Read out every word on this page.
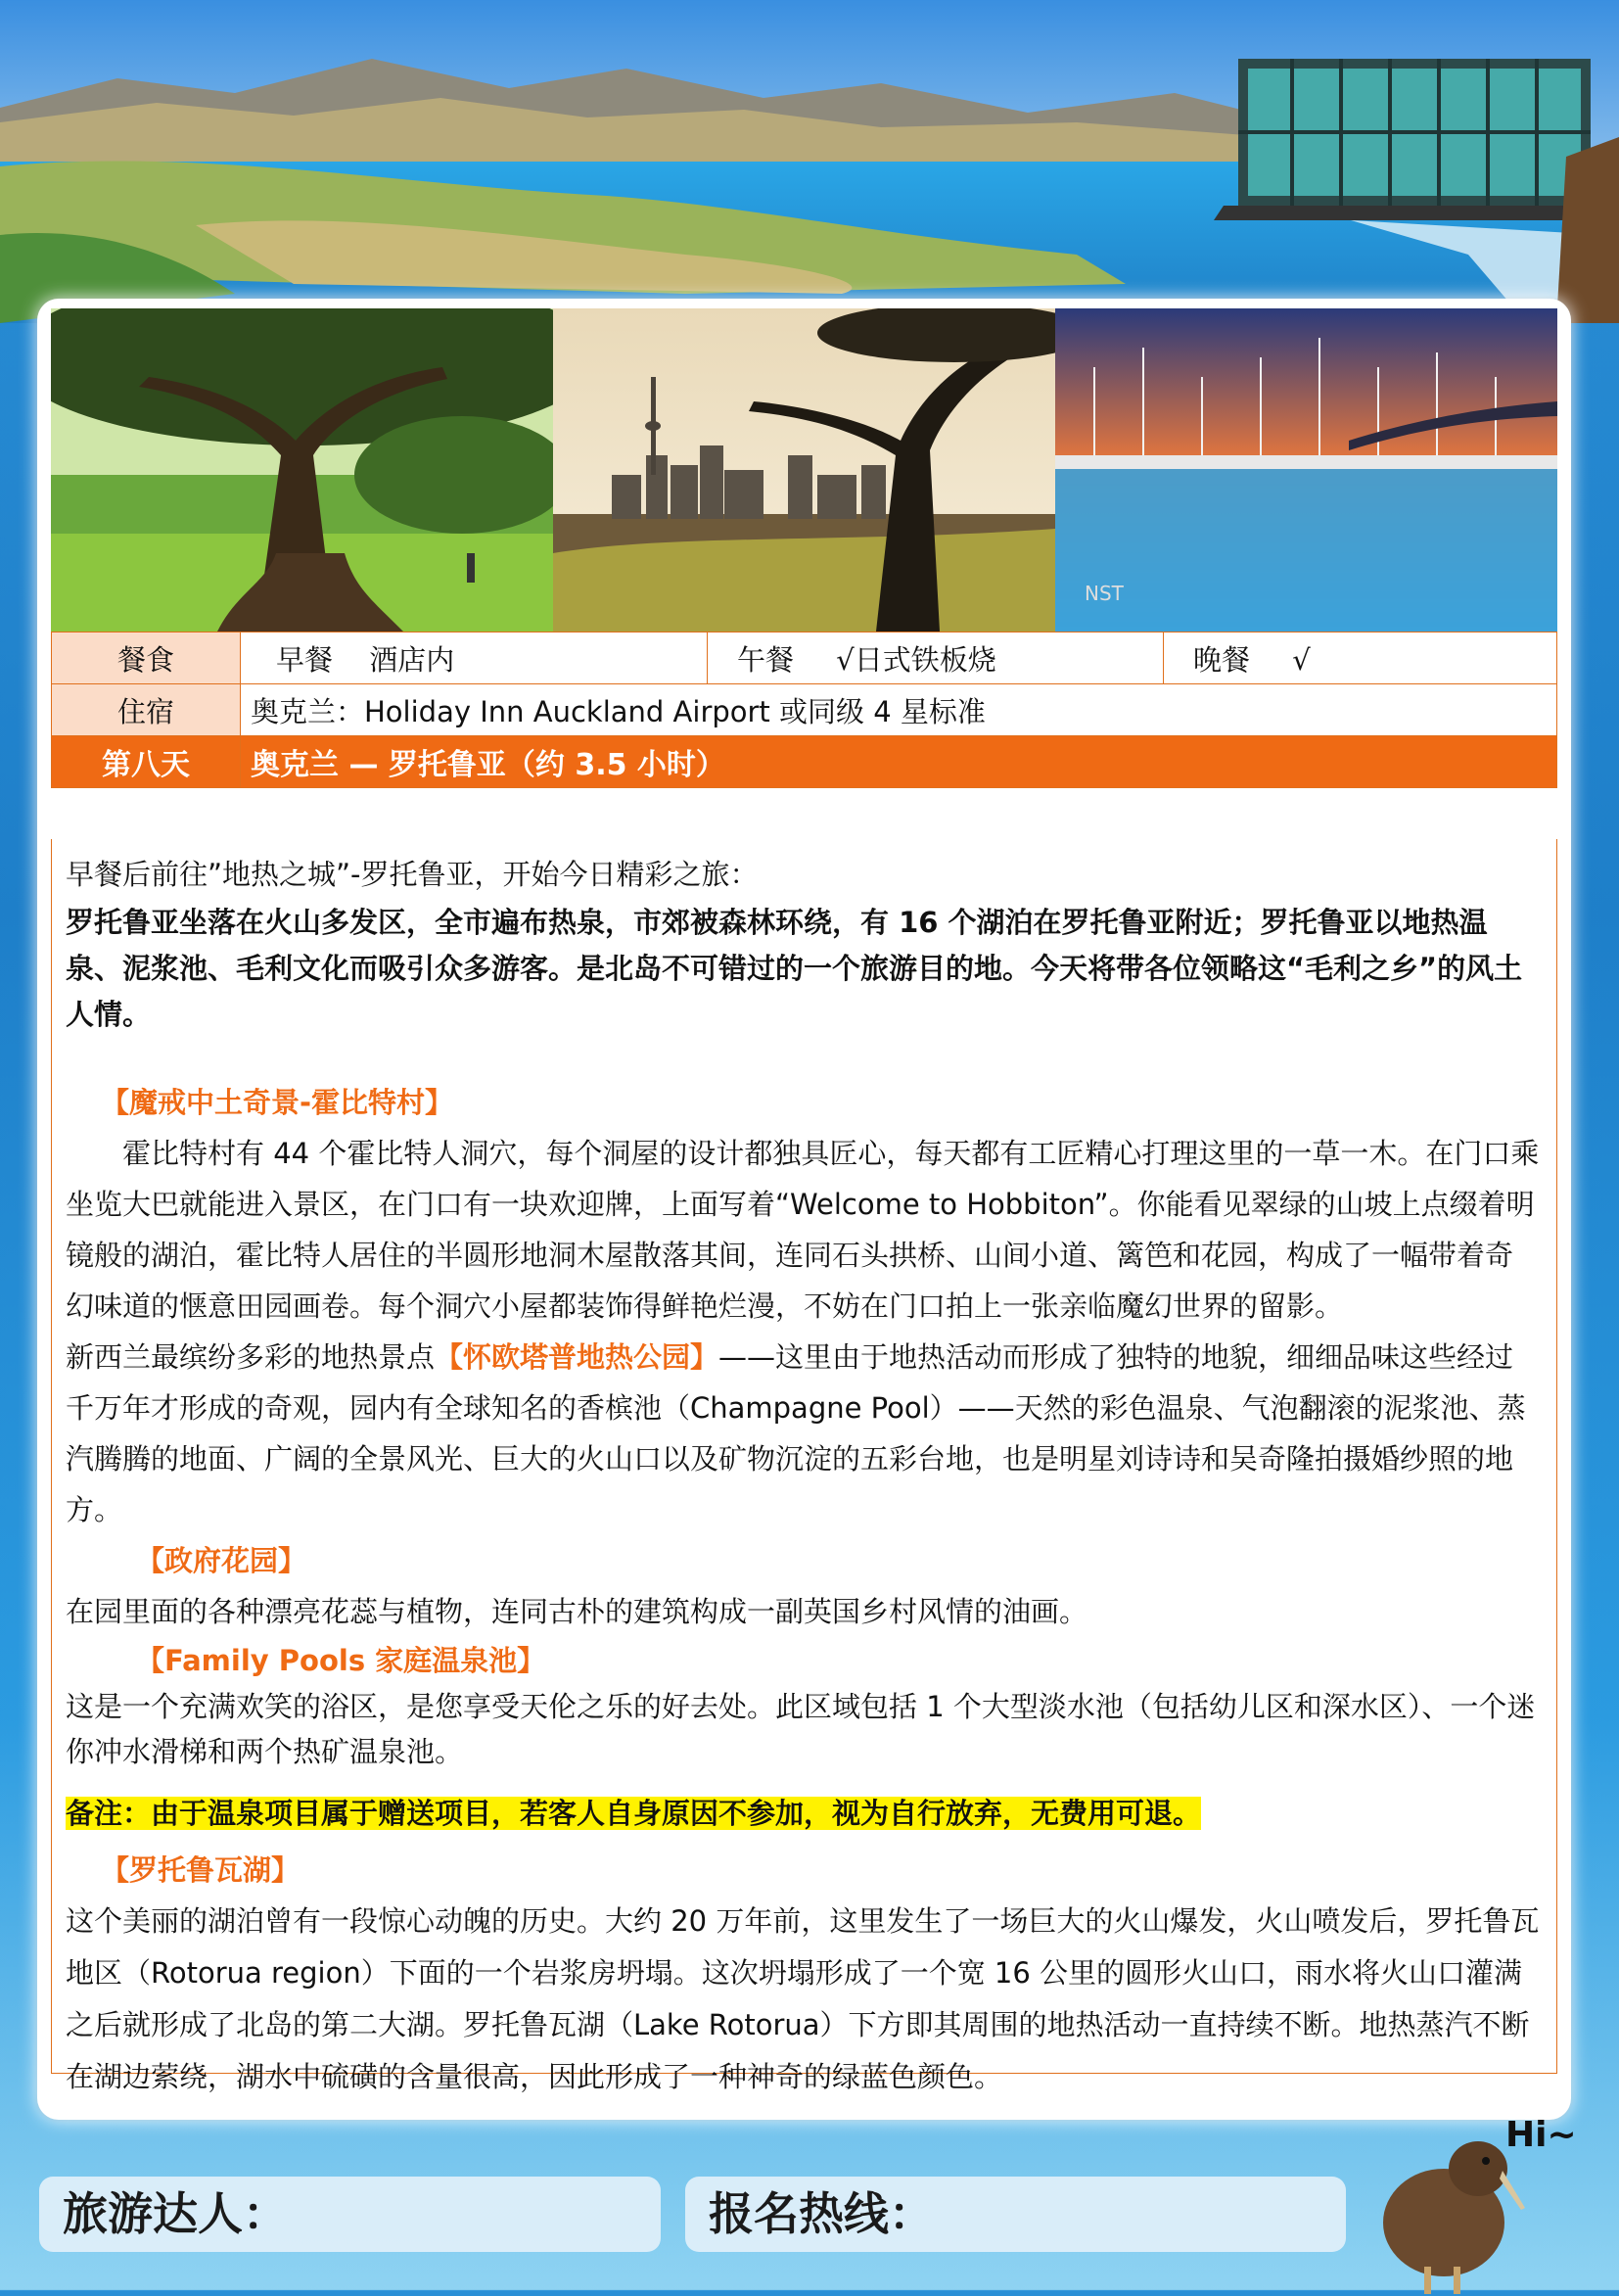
NST
餐食	早餐 酒店内	午餐 √日式铁板烧	晚餐 √
住宿	奥克兰：Holiday Inn Auckland Airport 或同级 4 星标准		
第八天	奥克兰 — 罗托鲁亚（约 3.5 小时）		

早餐后前往”地热之城”-罗托鲁亚，开始今日精彩之旅：

罗托鲁亚坐落在火山多发区，全市遍布热泉，市郊被森林环绕，有 16 个湖泊在罗托鲁亚附近；罗托鲁亚以地热温泉、泥浆池、毛利文化而吸引众多游客。是北岛不可错过的一个旅游目的地。今天将带各位领略这“毛利之乡”的风土人情。

【魔戒中土奇景-霍比特村】

霍比特村有 44 个霍比特人洞穴，每个洞屋的设计都独具匠心，每天都有工匠精心打理这里的一草一木。在门口乘坐览大巴就能进入景区，在门口有一块欢迎牌，上面写着“Welcome to Hobbiton”。你能看见翠绿的山坡上点缀着明镜般的湖泊，霍比特人居住的半圆形地洞木屋散落其间，连同石头拱桥、山间小道、篱笆和花园，构成了一幅带着奇幻味道的惬意田园画卷。每个洞穴小屋都装饰得鲜艳烂漫，不妨在门口拍上一张亲临魔幻世界的留影。

新西兰最缤纷多彩的地热景点【怀欧塔普地热公园】——这里由于地热活动而形成了独特的地貌，细细品味这些经过千万年才形成的奇观，园内有全球知名的香槟池（Champagne Pool）——天然的彩色温泉、气泡翻滚的泥浆池、蒸汽腾腾的地面、广阔的全景风光、巨大的火山口以及矿物沉淀的五彩台地，也是明星刘诗诗和吴奇隆拍摄婚纱照的地方。

【政府花园】

在园里面的各种漂亮花蕊与植物，连同古朴的建筑构成一副英国乡村风情的油画。

【Family Pools 家庭温泉池】

这是一个充满欢笑的浴区，是您享受天伦之乐的好去处。此区域包括 1 个大型淡水池（包括幼儿区和深水区）、一个迷你冲水滑梯和两个热矿温泉池。

备注：由于温泉项目属于赠送项目，若客人自身原因不参加，视为自行放弃，无费用可退。

【罗托鲁瓦湖】

这个美丽的湖泊曾有一段惊心动魄的历史。大约 20 万年前，这里发生了一场巨大的火山爆发，火山喷发后，罗托鲁瓦地区（Rotorua region）下面的一个岩浆房坍塌。这次坍塌形成了一个宽 16 公里的圆形火山口，雨水将火山口灌满之后就形成了北岛的第二大湖。罗托鲁瓦湖（Lake Rotorua）下方即其周围的地热活动一直持续不断。地热蒸汽不断在湖边萦绕，湖水中硫磺的含量很高，因此形成了一种神奇的绿蓝色颜色。

旅游达人：	报名热线：
Hi~
